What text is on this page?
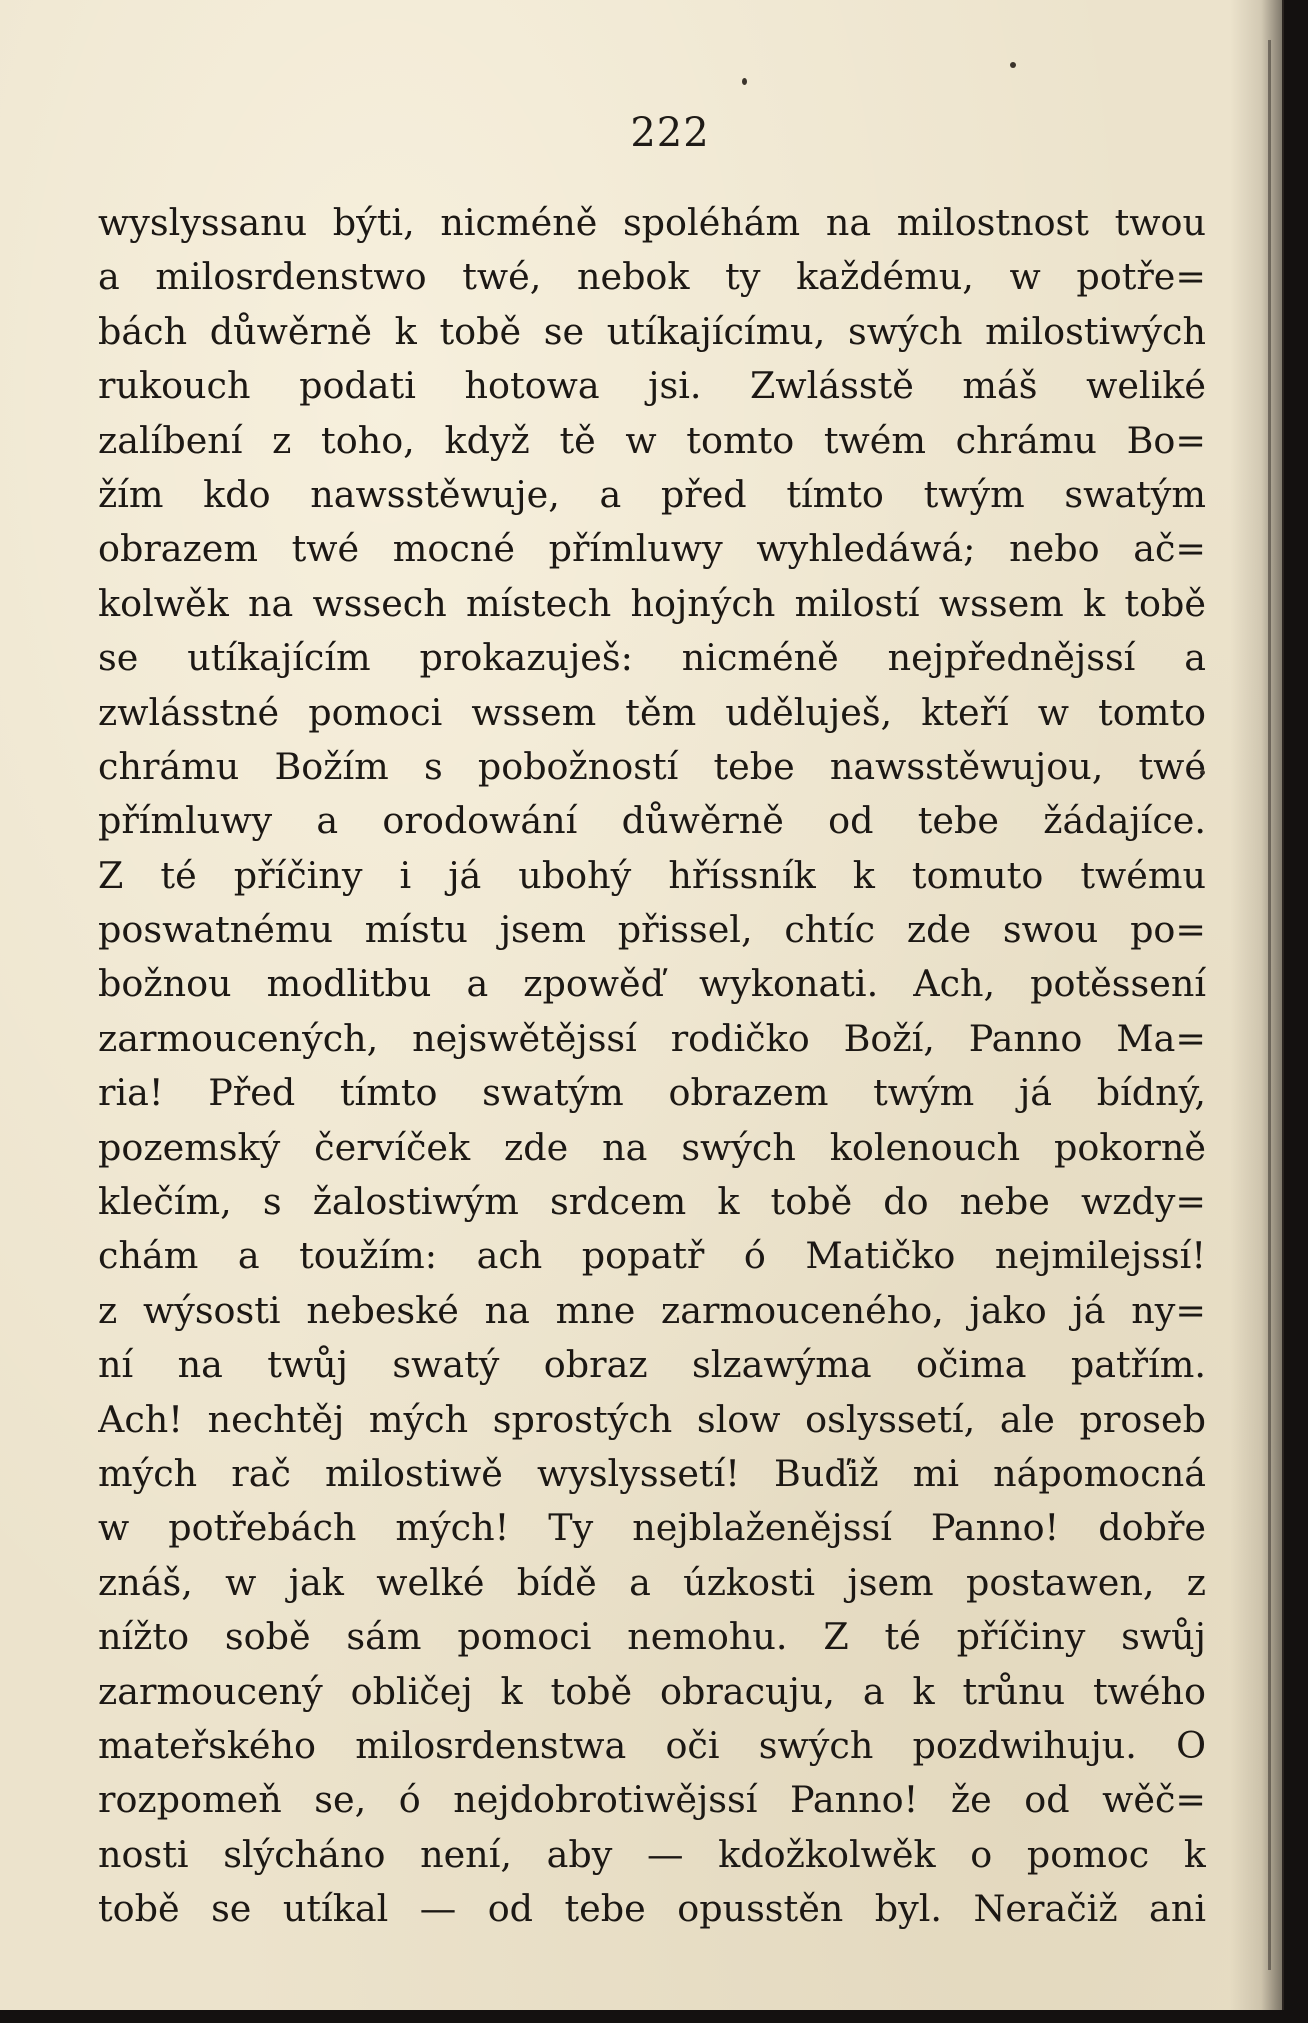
222
wyslyssanu býti, nicméně spoléhám na milostnost twou
a milosrdenstwo twé, nebok ty každému, w potře=
bách důwěrně k tobě se utíkajícímu, swých milostiwých
rukouch podati hotowa jsi. Zwlásstě máš weliké
zalíbení z toho, když tě w tomto twém chrámu Bo=
žím kdo nawsstěwuje, a před tímto twým swatým
obrazem twé mocné přímluwy wyhledáwá; nebo ač=
kolwěk na wssech místech hojných milostí wssem k tobě
se utíkajícím prokazuješ: nicméně nejpřednějssí a
zwlásstné pomoci wssem těm uděluješ, kteří w tomto
chrámu Božím s pobožností tebe nawsstěwujou, twé
přímluwy a orodowání důwěrně od tebe žádajíce.
Z té příčiny i já ubohý hříssník k tomuto twému
poswatnému místu jsem přissel, chtíc zde swou po=
božnou modlitbu a zpowěď wykonati. Ach, potěssení
zarmoucených, nejswětějssí rodičko Boží, Panno Ma=
ria! Před tímto swatým obrazem twým já bídný,
pozemský červíček zde na swých kolenouch pokorně
klečím, s žalostiwým srdcem k tobě do nebe wzdy=
chám a toužím: ach popatř ó Matičko nejmilejssí!
z wýsosti nebeské na mne zarmouceného, jako já ny=
ní na twůj swatý obraz slzawýma očima patřím.
Ach! nechtěj mých sprostých slow oslyssetí, ale proseb
mých rač milostiwě wyslyssetí! Buďiž mi nápomocná
w potřebách mých! Ty nejblaženějssí Panno! dobře
znáš, w jak welké bídě a úzkosti jsem postawen, z
nížto sobě sám pomoci nemohu. Z té příčiny swůj
zarmoucený obličej k tobě obracuju, a k trůnu twého
mateřského milosrdenstwa oči swých pozdwihuju. O
rozpomeň se, ó nejdobrotiwějssí Panno! že od wěč=
nosti slýcháno není, aby — kdožkolwěk o pomoc k
tobě se utíkal — od tebe opusstěn byl. Neračiž ani
